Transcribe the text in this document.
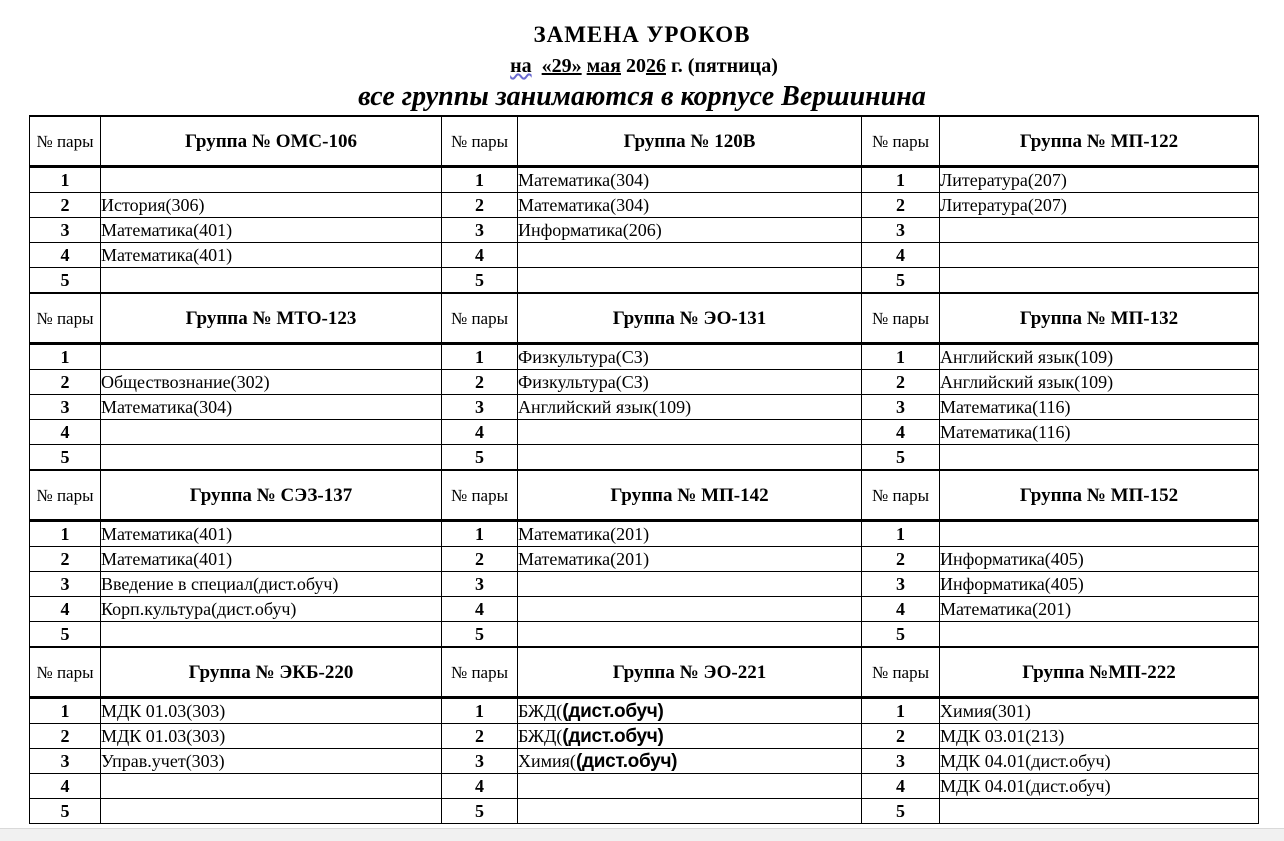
ЗАМЕНА УРОКОВ
на «29» мая 2026 г. (пятница)
все группы занимаются в корпусе Вершинина
№ пары	Группа № ОМС-106	№ пары	Группа № 120В	№ пары	Группа № МП-122
1		1	Математика(304)	1	Литература(207)
2	История(306)	2	Математика(304)	2	Литература(207)
3	Математика(401)	3	Информатика(206)	3	
4	Математика(401)	4		4	
5		5		5	
№ пары	Группа № МТО-123	№ пары	Группа № ЭО-131	№ пары	Группа № МП-132
1		1	Физкультура(СЗ)	1	Английский язык(109)
2	Обществознание(302)	2	Физкультура(СЗ)	2	Английский язык(109)
3	Математика(304)	3	Английский язык(109)	3	Математика(116)
4		4		4	Математика(116)
5		5		5	
№ пары	Группа № СЭЗ-137	№ пары	Группа № МП-142	№ пары	Группа № МП-152
1	Математика(401)	1	Математика(201)	1	
2	Математика(401)	2	Математика(201)	2	Информатика(405)
3	Введение в специал(дист.обуч)	3		3	Информатика(405)
4	Корп.культура(дист.обуч)	4		4	Математика(201)
5		5		5	
№ пары	Группа № ЭКБ-220	№ пары	Группа № ЭО-221	№ пары	Группа №МП-222
1	МДК 01.03(303)	1	БЖД((дист.обуч)	1	Химия(301)
2	МДК 01.03(303)	2	БЖД((дист.обуч)	2	МДК 03.01(213)
3	Управ.учет(303)	3	Химия((дист.обуч)	3	МДК 04.01(дист.обуч)
4		4		4	МДК 04.01(дист.обуч)
5		5		5	
